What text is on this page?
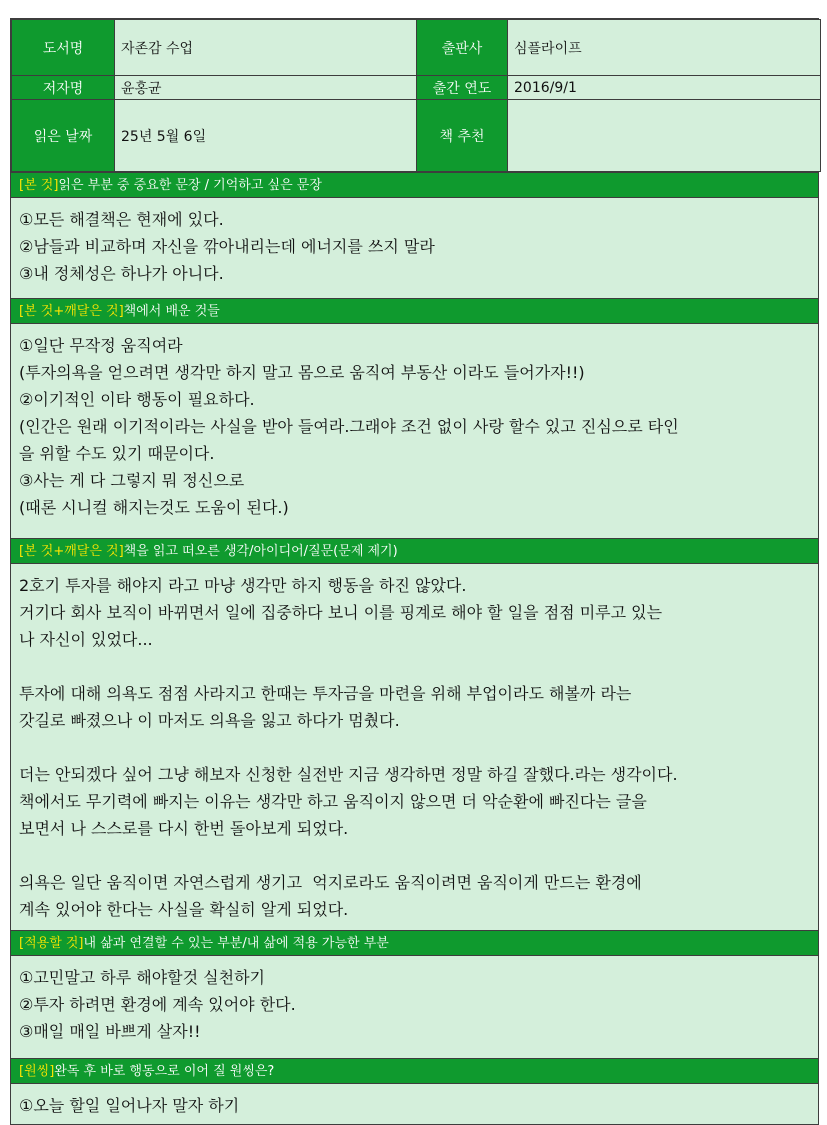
도서명	자존감 수업	출판사	심플라이프
저자명	윤홍균	출간 연도	2016/9/1
읽은 날짜	25년 5월 6일	책 추천	
[본 것]읽은 부분 중 중요한 문장 / 기억하고 싶은 문장
①모든 해결책은 현재에 있다.
②남들과 비교하며 자신을 깎아내리는데 에너지를 쓰지 말라
③내 정체성은 하나가 아니다.
[본 것+깨달은 것]책에서 배운 것들
①일단 무작정 움직여라
(투자의욕을 얻으려면 생각만 하지 말고 몸으로 움직여 부동산 이라도 들어가자!!)
②이기적인 이타 행동이 필요하다.
(인간은 원래 이기적이라는 사실을 받아 들여라.그래야 조건 없이 사랑 할수 있고 진심으로 타인
을 위할 수도 있기 때문이다.
③사는 게 다 그렇지 뭐 정신으로
(때론 시니컬 해지는것도 도움이 된다.)
[본 것+깨달은 것]책을 읽고 떠오른 생각/아이디어/질문(문제 제기)
2호기 투자를 해야지 라고 마냥 생각만 하지 행동을 하진 않았다.
거기다 회사 보직이 바뀌면서 일에 집중하다 보니 이를 핑계로 해야 할 일을 점점 미루고 있는
나 자신이 있었다...
투자에 대해 의욕도 점점 사라지고 한때는 투자금을 마련을 위해 부업이라도 해볼까 라는
갓길로 빠졌으나 이 마저도 의욕을 잃고 하다가 멈췄다.
더는 안되겠다 싶어 그냥 해보자 신청한 실전반 지금 생각하면 정말 하길 잘했다.라는 생각이다.
책에서도 무기력에 빠지는 이유는 생각만 하고 움직이지 않으면 더 악순환에 빠진다는 글을
보면서 나 스스로를 다시 한번 돌아보게 되었다.
의욕은 일단 움직이면 자연스럽게 생기고  억지로라도 움직이려면 움직이게 만드는 환경에
계속 있어야 한다는 사실을 확실히 알게 되었다.
[적용할 것]내 삶과 연결할 수 있는 부분/내 삶에 적용 가능한 부분
①고민말고 하루 해야할것 실천하기
②투자 하려면 환경에 계속 있어야 한다.
③매일 매일 바쁘게 살자!!
[원씽]완독 후 바로 행동으로 이어 질 원씽은?
①오늘 할일 일어나자 말자 하기
